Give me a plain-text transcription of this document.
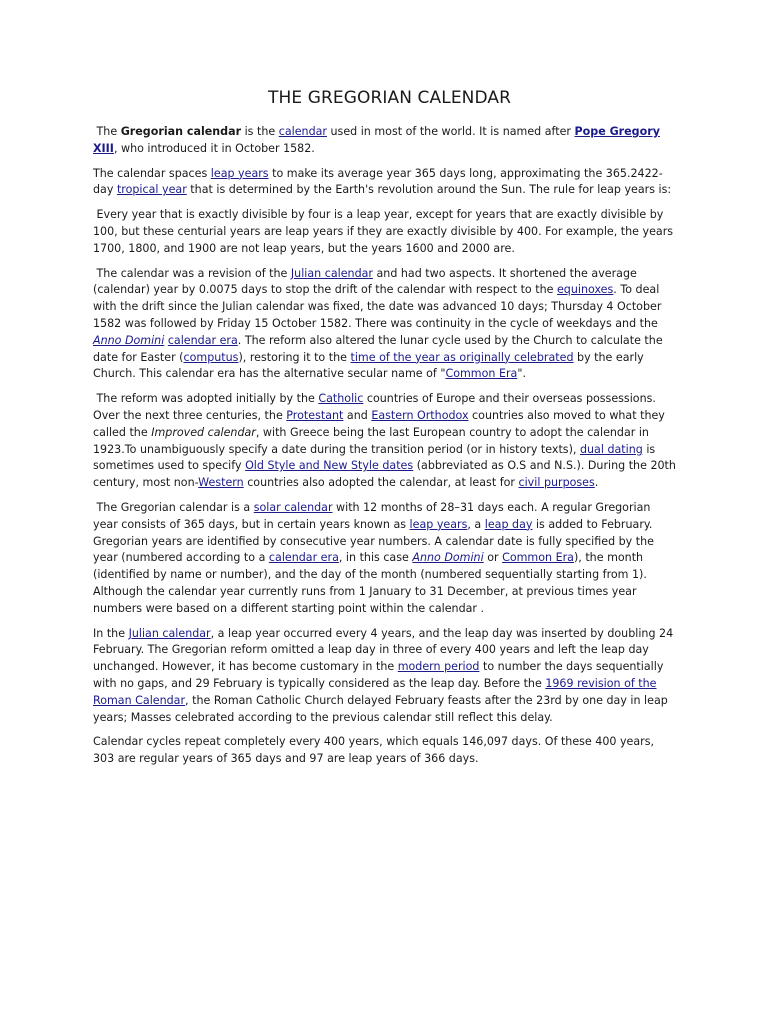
THE GREGORIAN CALENDAR

The Gregorian calendar is the calendar used in most of the world. It is named after Pope Gregory XIII, who introduced it in October 1582.

The calendar spaces leap years to make its average year 365 days long, approximating the 365.2422-day tropical year that is determined by the Earth's revolution around the Sun. The rule for leap years is:

Every year that is exactly divisible by four is a leap year, except for years that are exactly divisible by 100, but these centurial years are leap years if they are exactly divisible by 400. For example, the years 1700, 1800, and 1900 are not leap years, but the years 1600 and 2000 are.

The calendar was a revision of the Julian calendar and had two aspects. It shortened the average (calendar) year by 0.0075 days to stop the drift of the calendar with respect to the equinoxes. To deal with the drift since the Julian calendar was fixed, the date was advanced 10 days; Thursday 4 October 1582 was followed by Friday 15 October 1582. There was continuity in the cycle of weekdays and the Anno Domini calendar era. The reform also altered the lunar cycle used by the Church to calculate the date for Easter (computus), restoring it to the time of the year as originally celebrated by the early Church. This calendar era has the alternative secular name of "Common Era".

The reform was adopted initially by the Catholic countries of Europe and their overseas possessions. Over the next three centuries, the Protestant and Eastern Orthodox countries also moved to what they called the Improved calendar, with Greece being the last European country to adopt the calendar in 1923.To unambiguously specify a date during the transition period (or in history texts), dual dating is sometimes used to specify Old Style and New Style dates (abbreviated as O.S and N.S.). During the 20th century, most non-Western countries also adopted the calendar, at least for civil purposes.

The Gregorian calendar is a solar calendar with 12 months of 28–31 days each. A regular Gregorian year consists of 365 days, but in certain years known as leap years, a leap day is added to February. Gregorian years are identified by consecutive year numbers. A calendar date is fully specified by the year (numbered according to a calendar era, in this case Anno Domini or Common Era), the month (identified by name or number), and the day of the month (numbered sequentially starting from 1). Although the calendar year currently runs from 1 January to 31 December, at previous times year numbers were based on a different starting point within the calendar .

In the Julian calendar, a leap year occurred every 4 years, and the leap day was inserted by doubling 24 February. The Gregorian reform omitted a leap day in three of every 400 years and left the leap day unchanged. However, it has become customary in the modern period to number the days sequentially with no gaps, and 29 February is typically considered as the leap day. Before the 1969 revision of the Roman Calendar, the Roman Catholic Church delayed February feasts after the 23rd by one day in leap years; Masses celebrated according to the previous calendar still reflect this delay.

Calendar cycles repeat completely every 400 years, which equals 146,097 days. Of these 400 years, 303 are regular years of 365 days and 97 are leap years of 366 days.
